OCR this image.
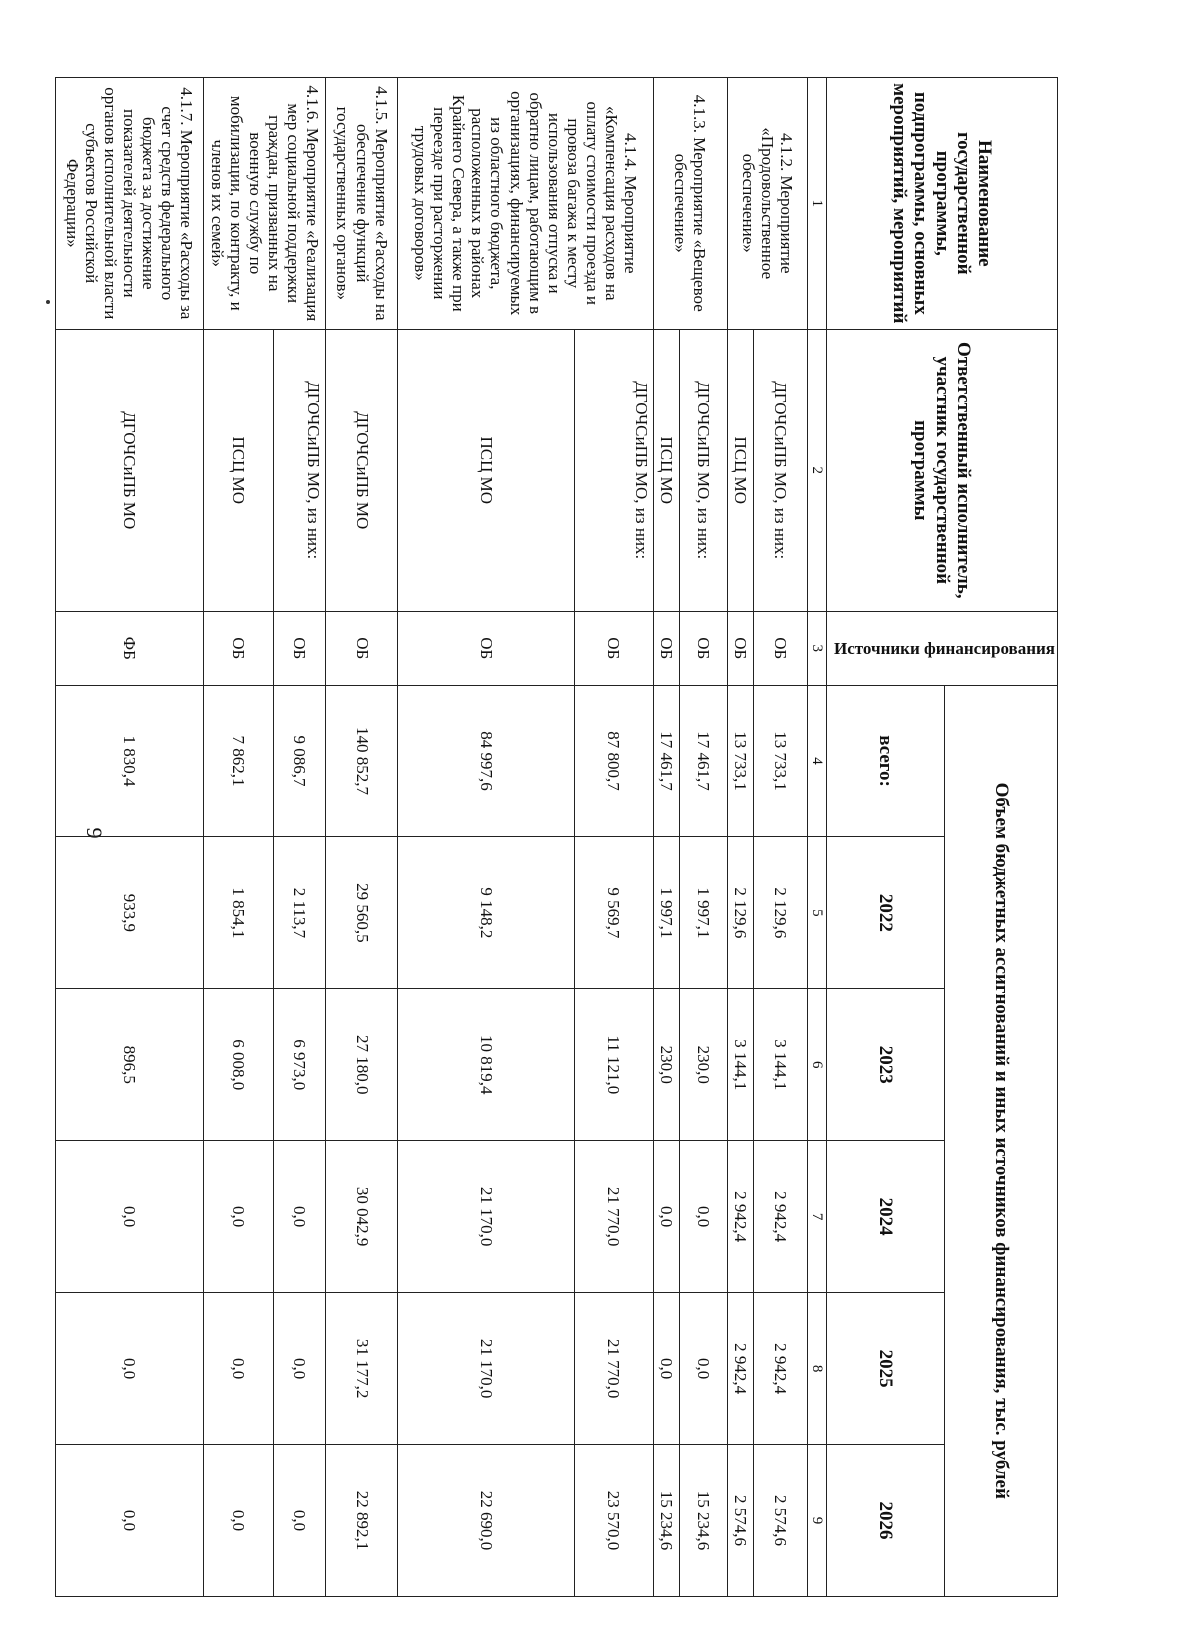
9
Наименование государственной программы, подпрограммы, основных мероприятий, мероприятий	Ответственный исполнитель, участник государственной программы	Источники финансирования	Объем бюджетных ассигнований и иных источников финансирования, тыс. рублей					
			всего:	2022	2023	2024	2025	2026
1	2	3	4	5	6	7	8	9
4.1.2. Мероприятие «Продовольственное обеспечение»	ДГОЧСиПБ МО, из них:	ОБ	13 733,1	2 129,6	3 144,1	2 942,4	2 942,4	2 574,6
	ПСЦ МО	ОБ	13 733,1	2 129,6	3 144,1	2 942,4	2 942,4	2 574,6
4.1.3. Мероприятие «Вещевое обеспечение»	ДГОЧСиПБ МО, из них:	ОБ	17 461,7	1 997,1	230,0	0,0	0,0	15 234,6
	ПСЦ МО	ОБ	17 461,7	1 997,1	230,0	0,0	0,0	15 234,6
4.1.4. Мероприятие «Компенсация расходов на оплату стоимости проезда и провоза багажа к месту использования отпуска и обратно лицам, работающим в организациях, финансируемых из областного бюджета, расположенных в районах Крайнего Севера, а также при переезде при расторжении трудовых договоров»	ДГОЧСиПБ МО, из них:	ОБ	87 800,7	9 569,7	11 121,0	21 770,0	21 770,0	23 570,0
	ПСЦ МО	ОБ	84 997,6	9 148,2	10 819,4	21 170,0	21 170,0	22 690,0
4.1.5. Мероприятие «Расходы на обеспечение функций государственных органов»	ДГОЧСиПБ МО	ОБ	140 852,7	29 560,5	27 180,0	30 042,9	31 177,2	22 892,1
4.1.6. Мероприятие «Реализация мер социальной поддержки граждан, призванных на военную службу по мобилизации, по контракту, и членов их семей»	ДГОЧСиПБ МО, из них:	ОБ	9 086,7	2 113,7	6 973,0	0,0	0,0	0,0
	ПСЦ МО	ОБ	7 862,1	1 854,1	6 008,0	0,0	0,0	0,0
4.1.7. Мероприятие «Расходы за счет средств федерального бюджета за достижение показателей деятельности органов исполнительной власти субъектов Российской Федерации»	ДГОЧСиПБ МО	ФБ	1 830,4	933,9	896,5	0,0	0,0	0,0
